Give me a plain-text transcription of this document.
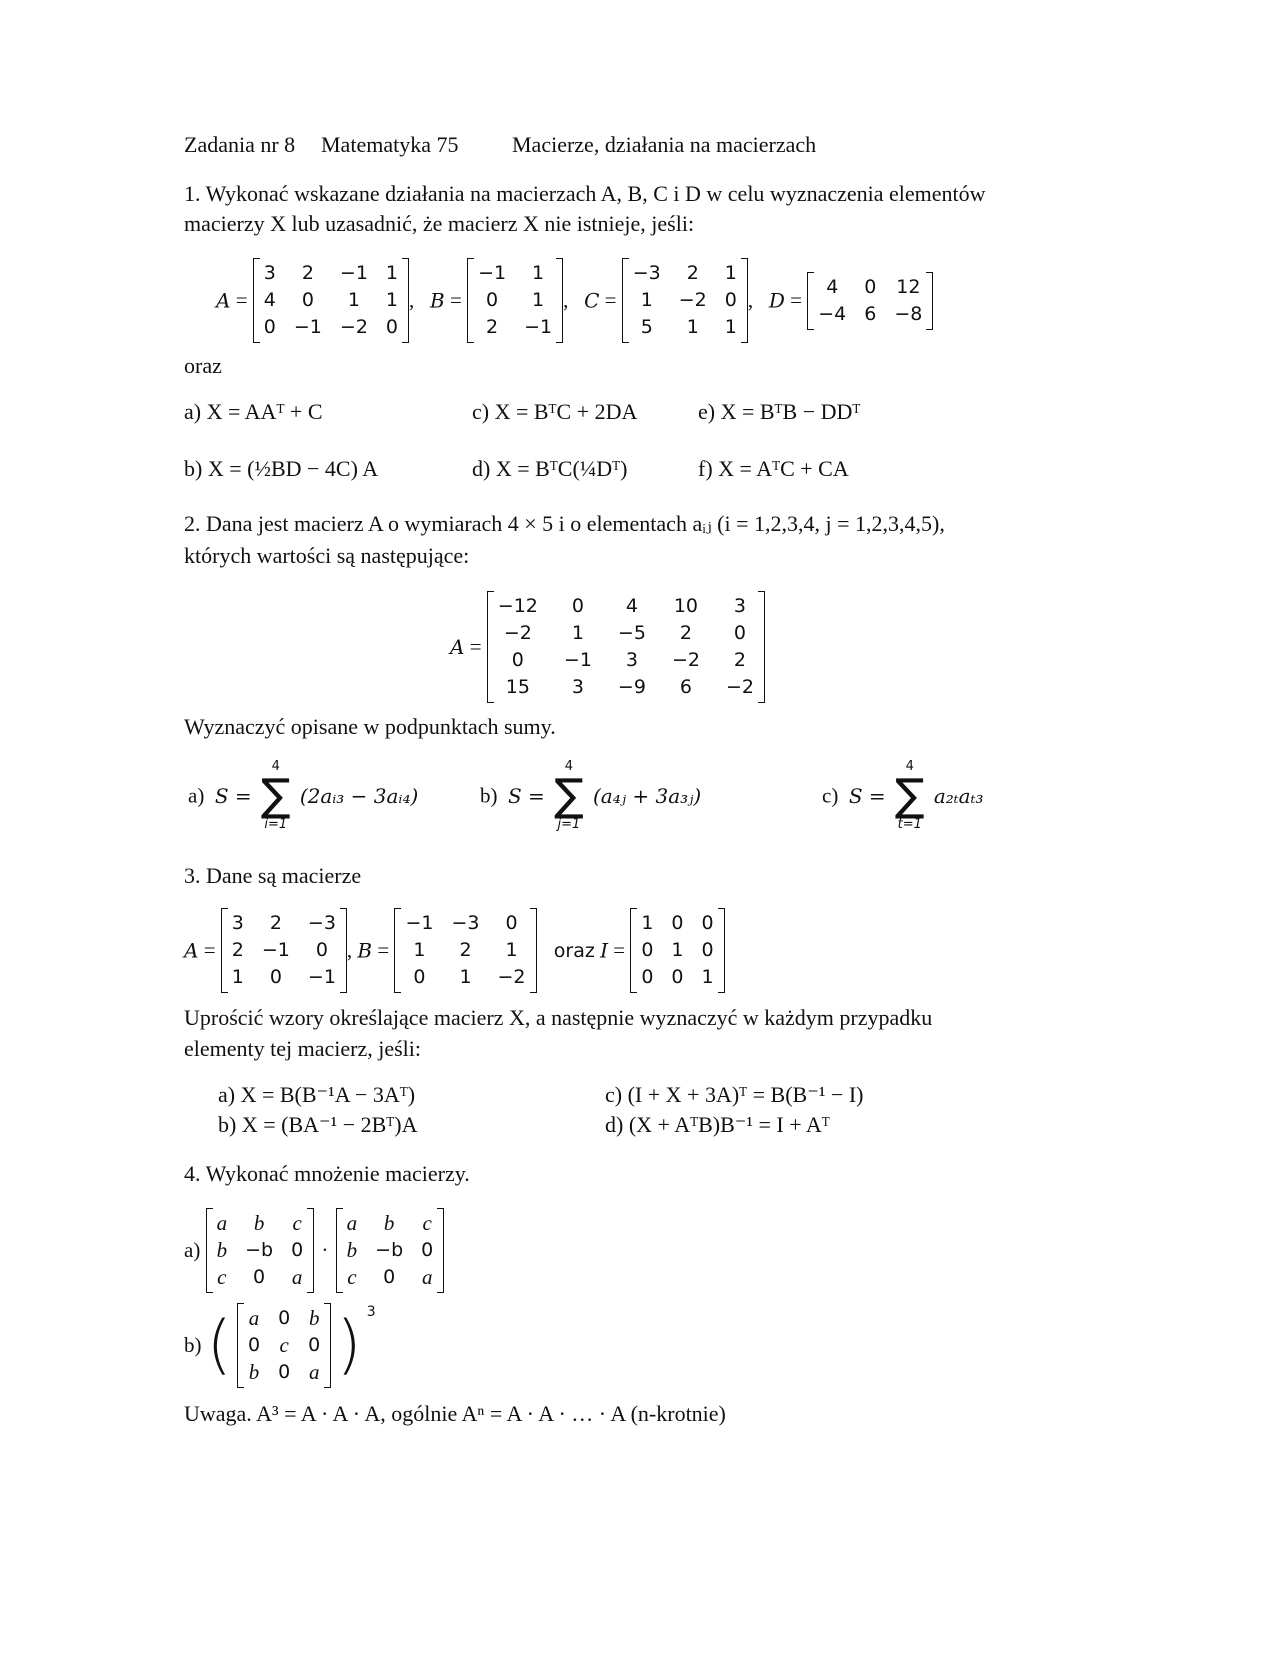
Zadania nr 8 Matematyka 75 Macierze, działania na macierzach
1. Wykonać wskazane działania na macierzach A, B, C i D w celu wyznaczenia elementów
macierzy X lub uzasadnić, że macierz X nie istnieje, jeśli:
A =
3	2	−1 1
4	0	1	1
0 −1 −2 0
,   B =
−1	1
0	1
2	−1
,   C =
−3	2	1
1	−2 0
5	1	1
,   D =
4	0 12
−4 6 −8
oraz
a) X = AAᵀ + C	c) X = BᵀC + 2DA	e) X = BᵀB − DDᵀ
b) X = (½BD − 4C) A	d) X = BᵀC(¼Dᵀ)	f) X = AᵀC + CA
2. Dana jest macierz A o wymiarach 4 × 5 i o elementach aᵢⱼ (i = 1,2,3,4, j = 1,2,3,4,5),
których wartości są następujące:
A =
−12	0	4	10	3
−2	1	−5	2	0
0	−1	3	−2	2
15	3	−9	6	−2
Wyznaczyć opisane w podpunktach sumy.
a) S =
4
∑
i=1
(2aᵢ₃ − 3aᵢ₄)	b) S =
4
∑
j=1
(a₄ⱼ + 3a₃ⱼ)	c) S =
4
∑
t=1
a₂ₜaₜ₃
3. Dane są macierze
A =
3	2	−3
2 −1	0
1	0	−1
, B =
−1 −3	0
1	2	1
0	1	−2
oraz I =
1 0 0
0 1 0
0 0 1
Uprościć wzory określające macierz X, a następnie wyznaczyć w każdym przypadku
elementy tej macierz, jeśli:
a) X = B(B⁻¹A − 3Aᵀ)
b) X = (BA⁻¹ − 2Bᵀ)A
c) (I + X + 3A)ᵀ = B(B⁻¹ − I)
d) (X + AᵀB)B⁻¹ = I + Aᵀ
4. Wykonać mnożenie macierzy.
a)
a	b	c
b −b 0
c	0	a
·
a	b	c
b −b 0
c	0	a
b) ( a 0 b
0 c 0
b 0 a ) $^3$
Uwaga. A³ = A · A · A, ogólnie Aⁿ = A · A · … · A (n-krotnie)
